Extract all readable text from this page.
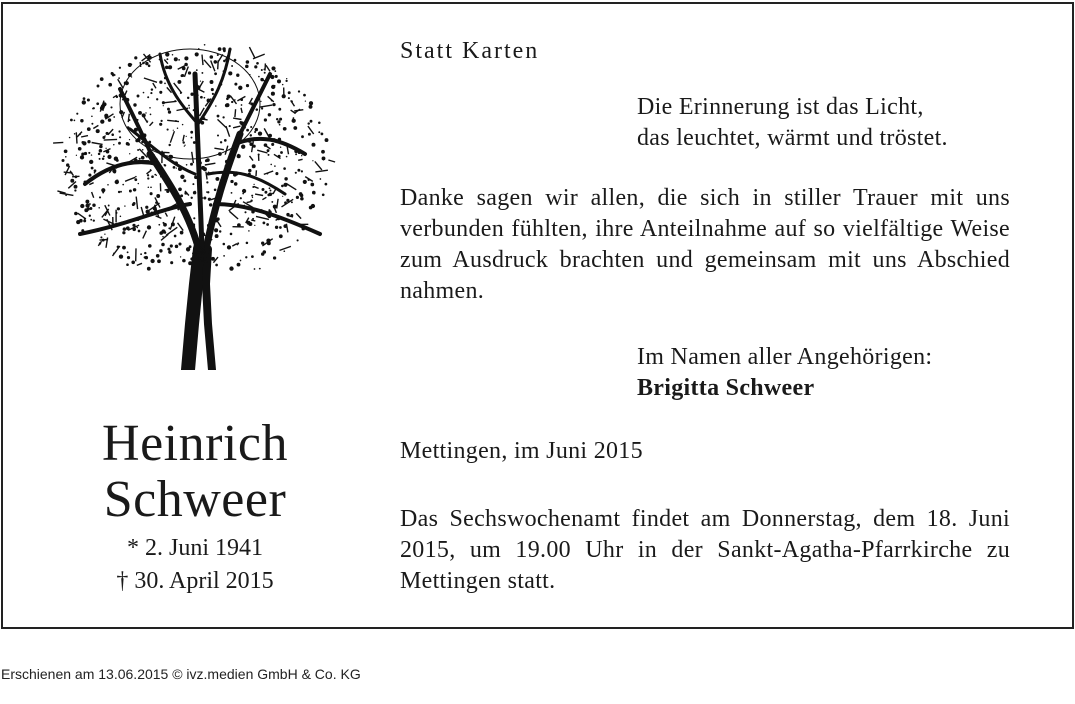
Heinrich
Schweer
* 2. Juni 1941
† 30. April 2015
Statt Karten
Die Erinnerung ist das Licht,
das leuchtet, wärmt und tröstet.
Danke sagen wir allen, die sich in stiller Trauer mit uns verbunden fühlten, ihre Anteilnahme auf so vielfältige Weise zum Ausdruck brachten und gemeinsam mit uns Abschied nahmen.
Im Namen aller Angehörigen:
Brigitta Schweer
Mettingen, im Juni 2015
Das Sechswochenamt findet am Donnerstag, dem 18. Juni 2015, um 19.00 Uhr in der Sankt-Agatha-Pfarrkirche zu Mettingen statt.
Erschienen am 13.06.2015 © ivz.medien GmbH & Co. KG
